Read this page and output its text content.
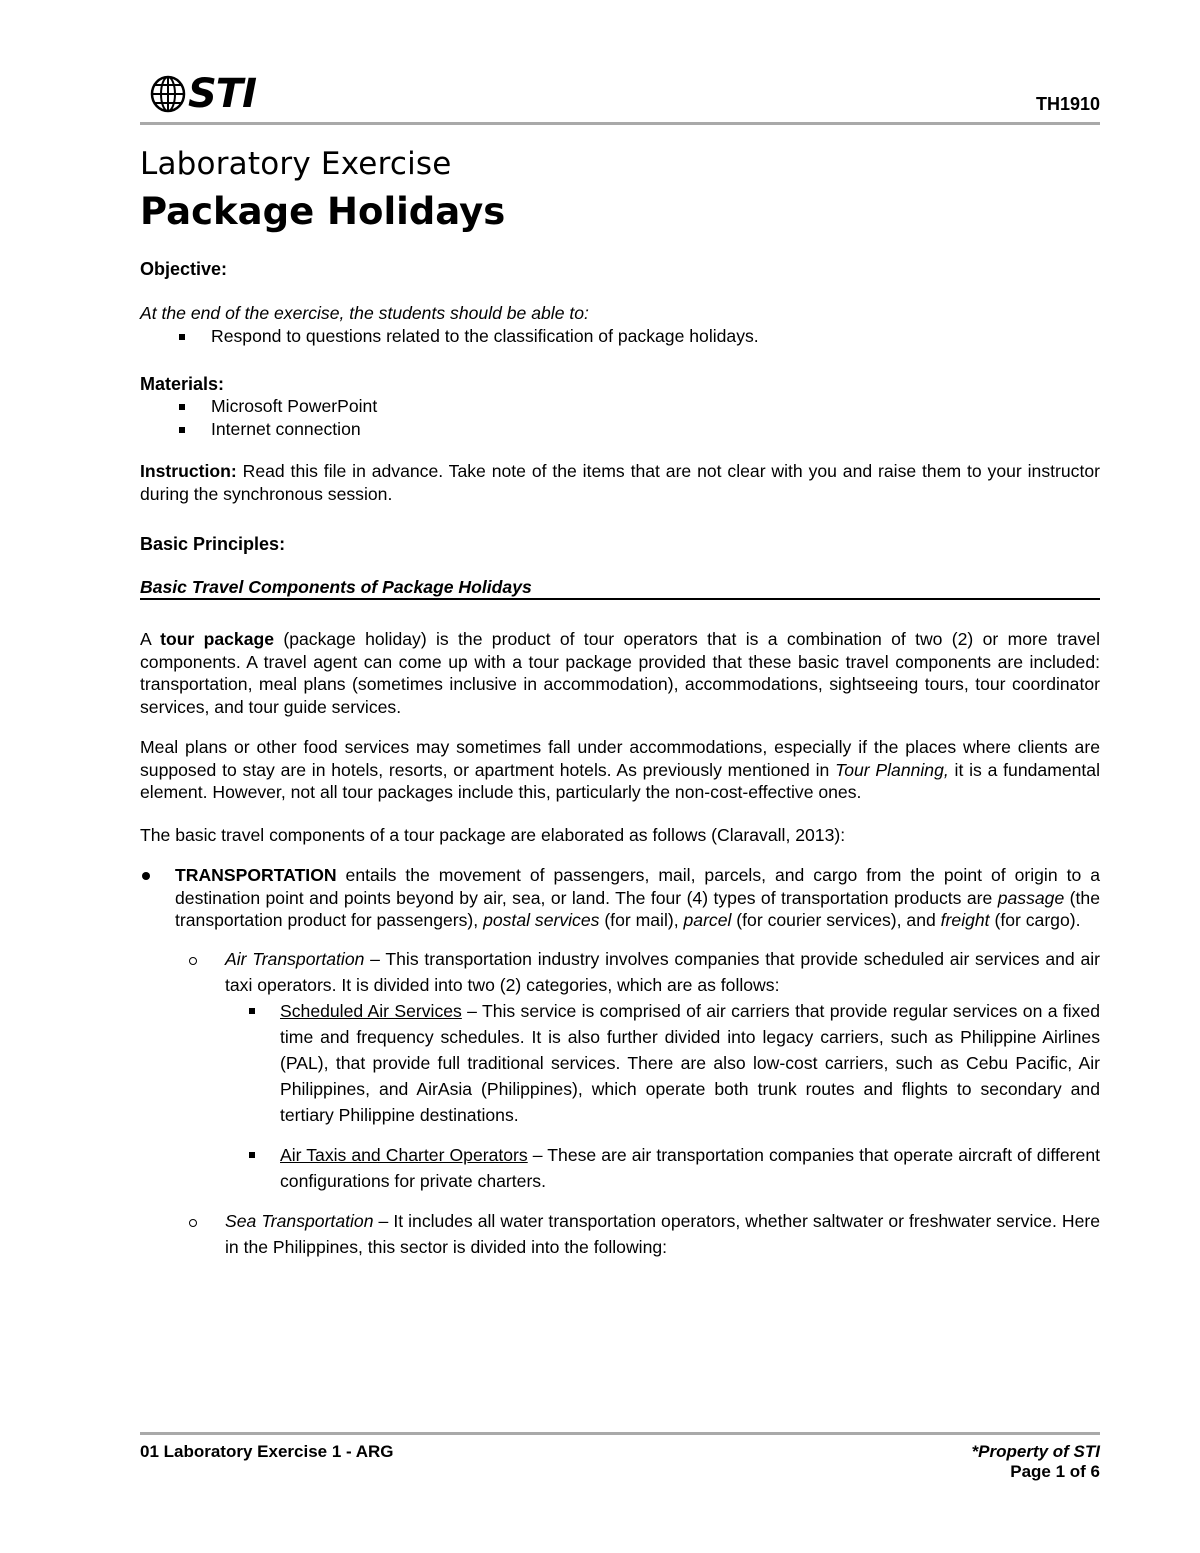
STI	TH1910
Laboratory Exercise
Package Holidays

Objective:

At the end of the exercise, the students should be able to:

Respond to questions related to the classification of package holidays.

Materials:

Microsoft PowerPoint
Internet connection

Instruction: Read this file in advance. Take note of the items that are not clear with you and raise them to your instructor during the synchronous session.

Basic Principles:

Basic Travel Components of Package Holidays

A tour package (package holiday) is the product of tour operators that is a combination of two (2) or more travel components. A travel agent can come up with a tour package provided that these basic travel components are included: transportation, meal plans (sometimes inclusive in accommodation), accommodations, sightseeing tours, tour coordinator services, and tour guide services.

Meal plans or other food services may sometimes fall under accommodations, especially if the places where clients are supposed to stay are in hotels, resorts, or apartment hotels. As previously mentioned in Tour Planning, it is a fundamental element. However, not all tour packages include this, particularly the non-cost-effective ones.

The basic travel components of a tour package are elaborated as follows (Claravall, 2013):

TRANSPORTATION entails the movement of passengers, mail, parcels, and cargo from the point of origin to a destination point and points beyond by air, sea, or land. The four (4) types of transportation products are passage (the transportation product for passengers), postal services (for mail), parcel (for courier services), and freight (for cargo).
Air Transportation – This transportation industry involves companies that provide scheduled air services and air taxi operators. It is divided into two (2) categories, which are as follows:
Scheduled Air Services – This service is comprised of air carriers that provide regular services on a fixed time and frequency schedules. It is also further divided into legacy carriers, such as Philippine Airlines (PAL), that provide full traditional services. There are also low-cost carriers, such as Cebu Pacific, Air Philippines, and AirAsia (Philippines), which operate both trunk routes and flights to secondary and tertiary Philippine destinations.
Air Taxis and Charter Operators – These are air transportation companies that operate aircraft of different configurations for private charters.
Sea Transportation – It includes all water transportation operators, whether saltwater or freshwater service. Here in the Philippines, this sector is divided into the following:
01 Laboratory Exercise 1 - ARG	*Property of STI
Page 1 of 6
